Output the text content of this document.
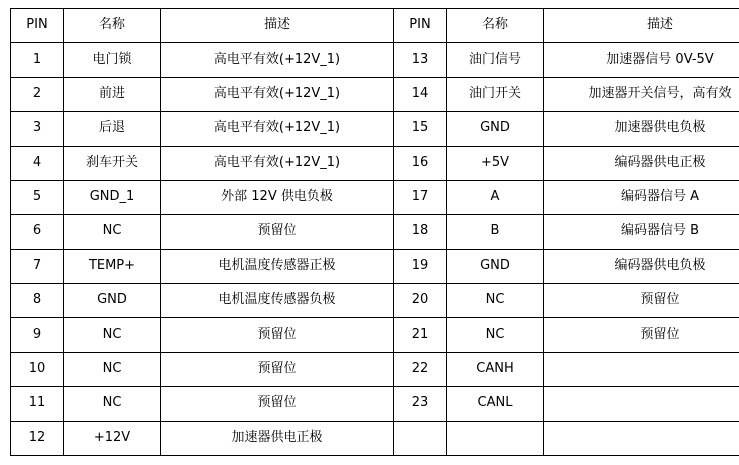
PIN	名称	描述	PIN	名称	描述
1	电门锁	高电平有效(+12V_1)	13	油门信号	加速器信号 0V-5V
2	前进	高电平有效(+12V_1)	14	油门开关	加速器开关信号，高有效
3	后退	高电平有效(+12V_1)	15	GND	加速器供电负极
4	刹车开关	高电平有效(+12V_1)	16	+5V	编码器供电正极
5	GND_1	外部 12V 供电负极	17	A	编码器信号 A
6	NC	预留位	18	B	编码器信号 B
7	TEMP+	电机温度传感器正极	19	GND	编码器供电负极
8	GND	电机温度传感器负极	20	NC	预留位
9	NC	预留位	21	NC	预留位
10	NC	预留位	22	CANH	
11	NC	预留位	23	CANL	
12	+12V	加速器供电正极			
